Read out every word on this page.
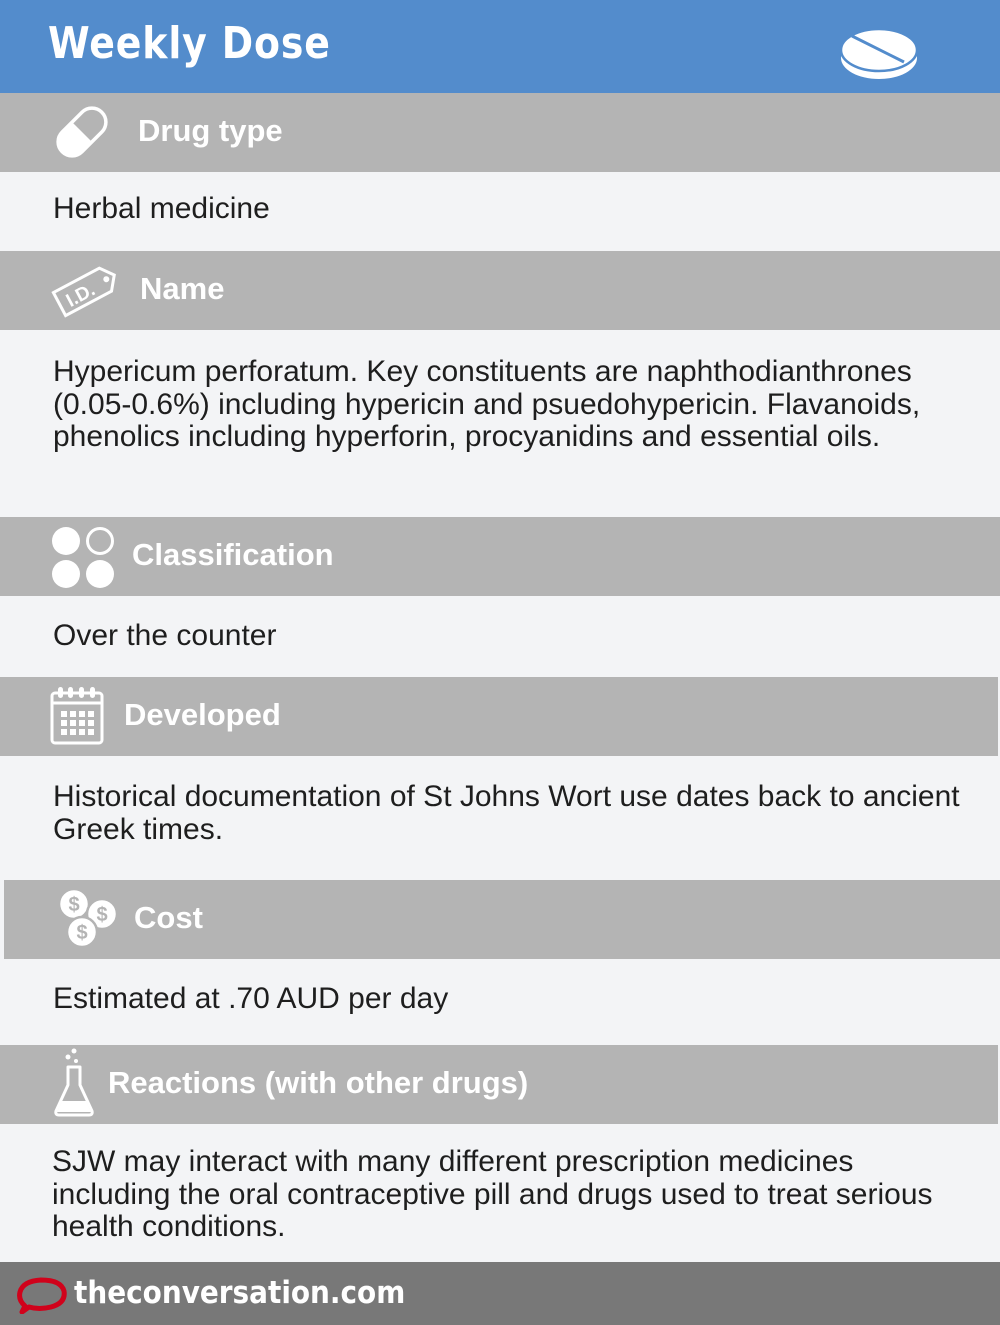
Weekly Dose
Drug type
Herbal medicine
I.D. Name
Hypericum perforatum. Key constituents are naphthodianthrones (0.05-0.6%) including hypericin and psuedohypericin. Flavanoids, phenolics including hyperforin, procyanidins and essential oils.
Classification
Over the counter
Developed
Historical documentation of St Johns Wort use dates back to ancient Greek times.
$ $
$ Cost
Estimated at .70 AUD per day
Reactions (with other drugs)
SJW may interact with many different prescription medicines including the oral contraceptive pill and drugs used to treat serious health conditions.
theconversation.com
